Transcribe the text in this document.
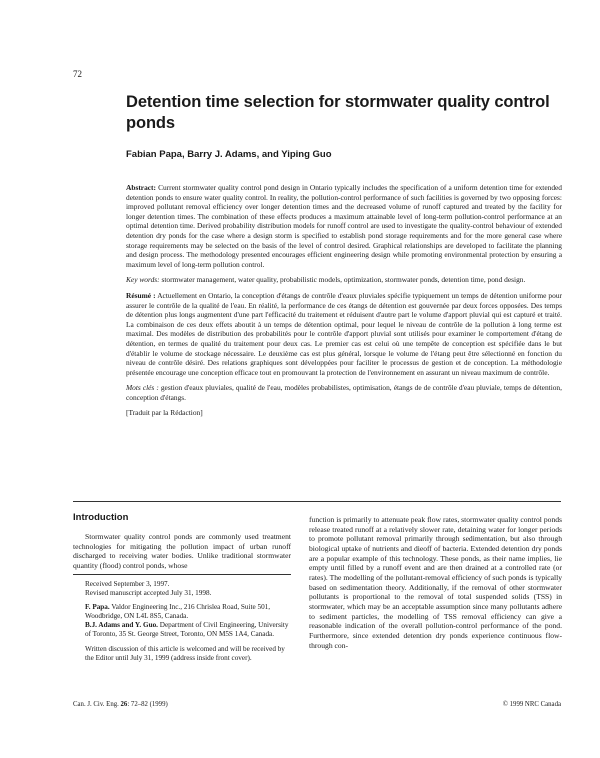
72
Detention time selection for stormwater quality control ponds
Fabian Papa, Barry J. Adams, and Yiping Guo

Abstract: Current stormwater quality control pond design in Ontario typically includes the specification of a uniform detention time for extended detention ponds to ensure water quality control. In reality, the pollution-control performance of such facilities is governed by two opposing forces: improved pollutant removal efficiency over longer detention times and the decreased volume of runoff captured and treated by the facility for longer detention times. The combination of these effects produces a maximum attainable level of long-term pollution-control performance at an optimal detention time. Derived probability distribution models for runoff control are used to investigate the quality-control behaviour of extended detention dry ponds for the case where a design storm is specified to establish pond storage requirements and for the more general case where storage requirements may be selected on the basis of the level of control desired. Graphical relationships are developed to facilitate the planning and design process. The methodology presented encourages efficient engineering design while promoting environmental protection by ensuring a maximum level of long-term pollution control.

Key words: stormwater management, water quality, probabilistic models, optimization, stormwater ponds, detention time, pond design.

Résumé : Actuellement en Ontario, la conception d'étangs de contrôle d'eaux pluviales spécifie typiquement un temps de détention uniforme pour assurer le contrôle de la qualité de l'eau. En réalité, la performance de ces étangs de détention est gouvernée par deux forces opposées. Des temps de détention plus longs augmentent d'une part l'efficacité du traitement et réduisent d'autre part le volume d'apport pluvial qui est capturé et traité. La combinaison de ces deux effets aboutit à un temps de détention optimal, pour lequel le niveau de contrôle de la pollution à long terme est maximal. Des modèles de distribution des probabilités pour le contrôle d'apport pluvial sont utilisés pour examiner le comportement d'étang de détention, en termes de qualité du traitement pour deux cas. Le premier cas est celui où une tempête de conception est spécifiée dans le but d'établir le volume de stockage nécessaire. Le deuxième cas est plus général, lorsque le volume de l'étang peut être sélectionné en fonction du niveau de contrôle désiré. Des relations graphiques sont développées pour faciliter le processus de gestion et de conception. La méthodologie présentée encourage une conception efficace tout en promouvant la protection de l'environnement en assurant un niveau maximum de contrôle.

Mots clés : gestion d'eaux pluviales, qualité de l'eau, modèles probabilistes, optimisation, étangs de de contrôle d'eau pluviale, temps de détention, conception d'étangs.

[Traduit par la Rédaction]

Introduction

Stormwater quality control ponds are commonly used treatment technologies for mitigating the pollution impact of urban runoff discharged to receiving water bodies. Unlike traditional stormwater quantity (flood) control ponds, whose

Received September 3, 1997.
Revised manuscript accepted July 31, 1998.

F. Papa. Valdor Engineering Inc., 216 Chrislea Road, Suite 501, Woodbridge, ON L4L 8S5, Canada.
B.J. Adams and Y. Guo. Department of Civil Engineering, University of Toronto, 35 St. George Street, Toronto, ON M5S 1A4, Canada.

Written discussion of this article is welcomed and will be received by the Editor until July 31, 1999 (address inside front cover).

function is primarily to attenuate peak flow rates, stormwater quality control ponds release treated runoff at a relatively slower rate, detaining water for longer periods to promote pollutant removal primarily through sedimentation, but also through biological uptake of nutrients and dieoff of bacteria. Extended detention dry ponds are a popular example of this technology. These ponds, as their name implies, lie empty until filled by a runoff event and are then drained at a controlled rate (or rates). The modelling of the pollutant-removal efficiency of such ponds is typically based on sedimentation theory. Additionally, if the removal of other stormwater pollutants is proportional to the removal of total suspended solids (TSS) in stormwater, which may be an acceptable assumption since many pollutants adhere to sediment particles, the modelling of TSS removal efficiency can give a reasonable indication of the overall pollution-control performance of the pond. Furthermore, since extended detention dry ponds experience continuous flow-through con-

Can. J. Civ. Eng. 26: 72–82 (1999)	© 1999 NRC Canada
